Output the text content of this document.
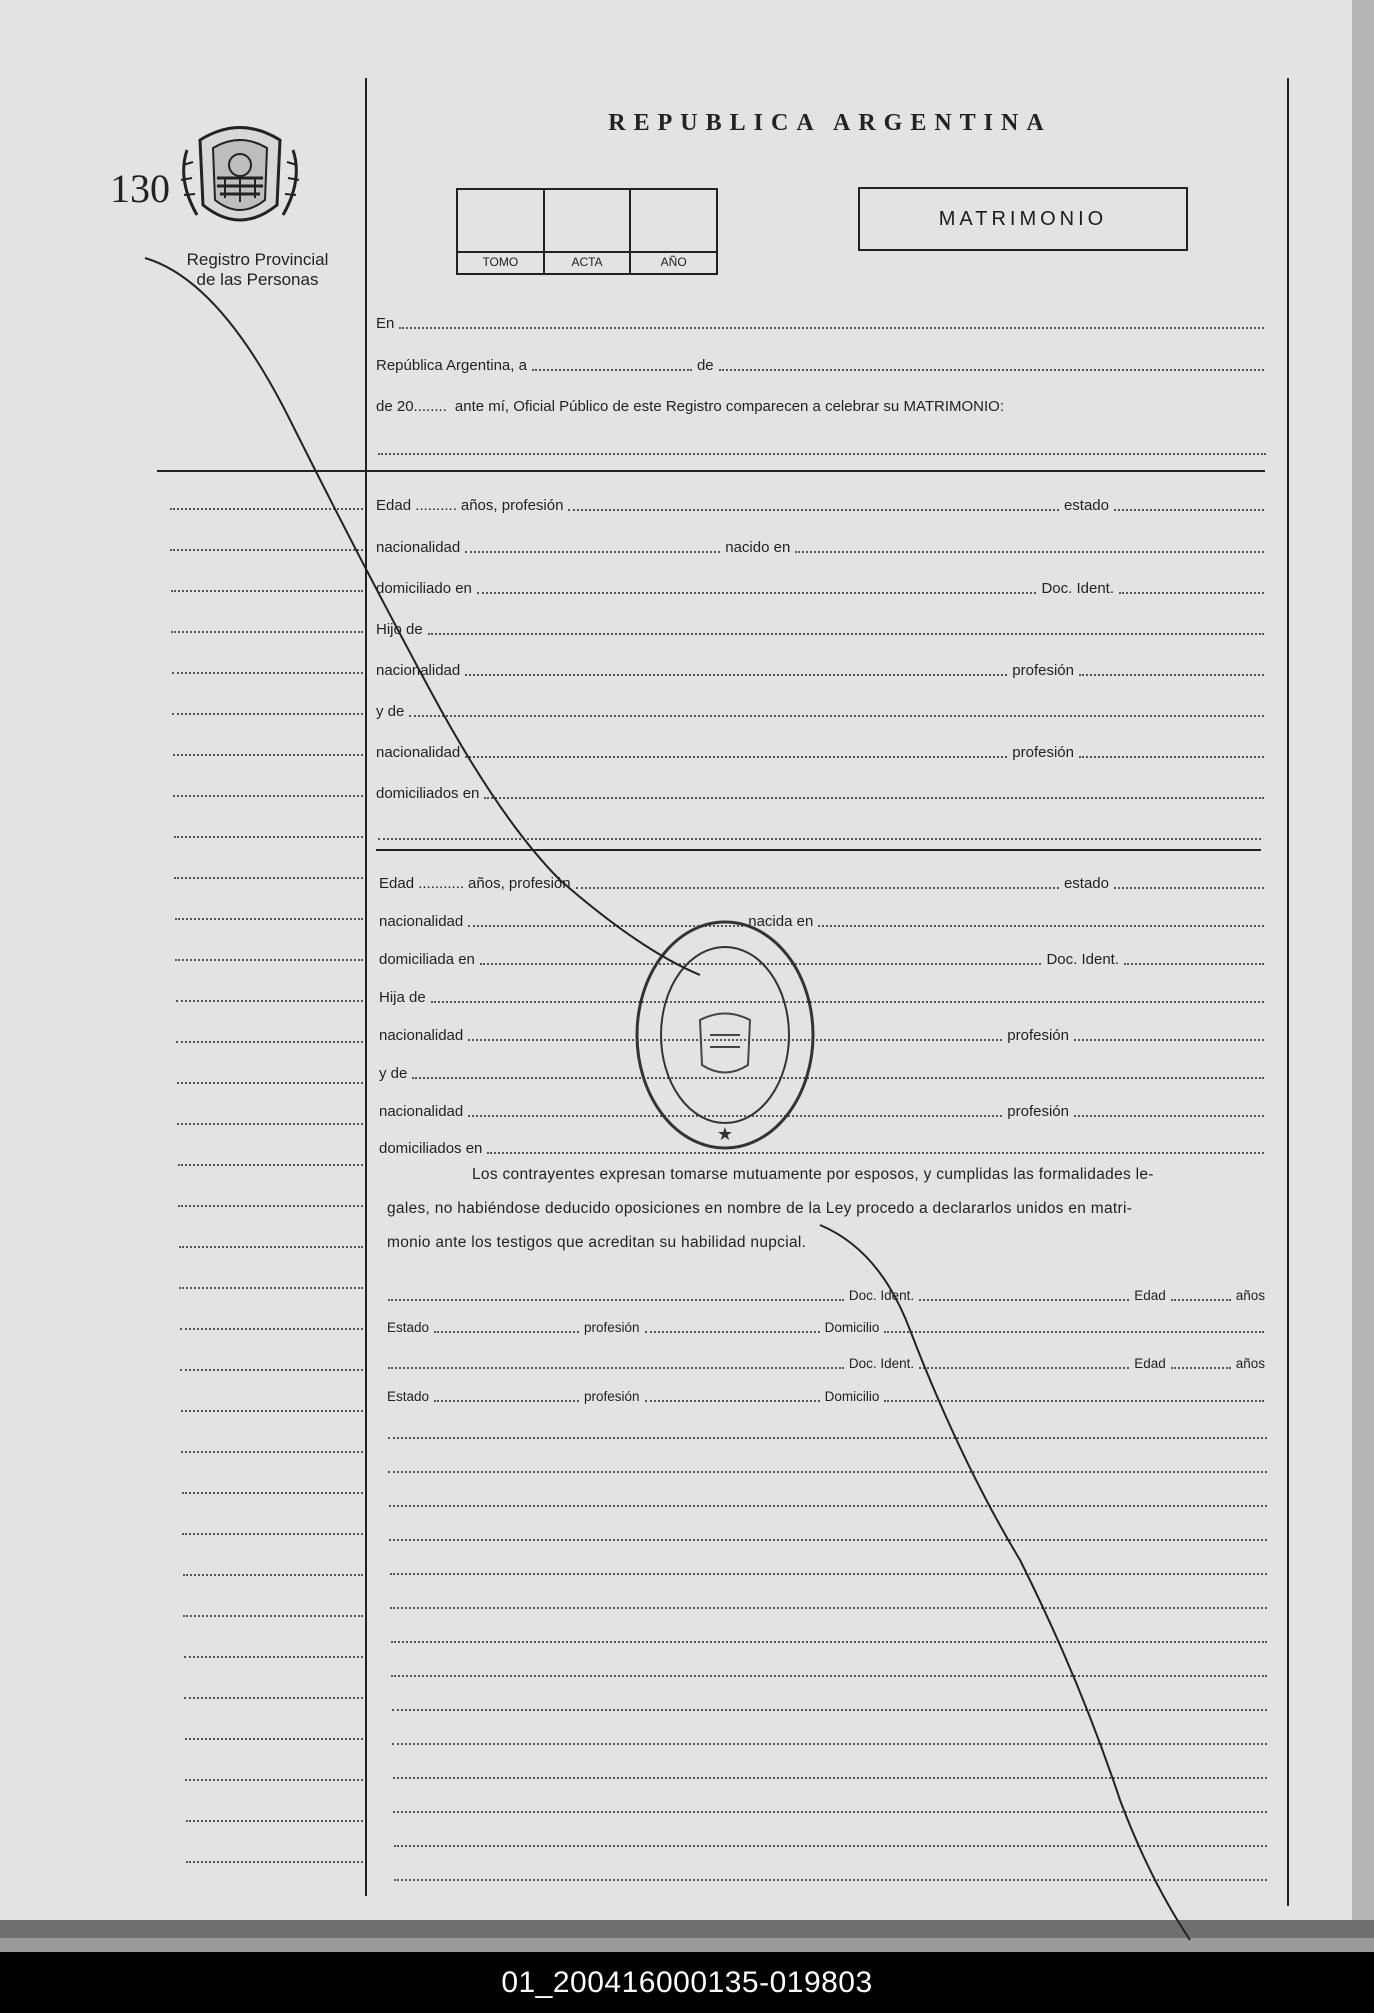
130
Registro Provincial
de las Personas
REPUBLICA ARGENTINA
TOMO	ACTA	AÑO
MATRIMONIO
En
República Argentina, a	de
de 20........ ante mí, Oficial Público de este Registro comparecen a celebrar su MATRIMONIO:
Edad .......... años, profesión	estado
nacionalidad	nacido en
domiciliado en	Doc. Ident.
Hijo de
nacionalidad	profesión
y de
nacionalidad	profesión
domiciliados en
Edad ........... años, profesión	estado
nacionalidad	nacida en
domiciliada en	Doc. Ident.
Hija de
nacionalidad	profesión
y de
nacionalidad	profesión
domiciliados en
Los contrayentes expresan tomarse mutuamente por esposos, y cumplidas las formalidades le-
gales, no habiéndose deducido oposiciones en nombre de la Ley procedo a declararlos unidos en matri-
monio ante los testigos que acreditan su habilidad nupcial.
Doc. Ident.	Edad	años
Estado	profesión	Domicilio
Doc. Ident.	Edad	años
Estado	profesión	Domicilio
★
01_200416000135-019803
